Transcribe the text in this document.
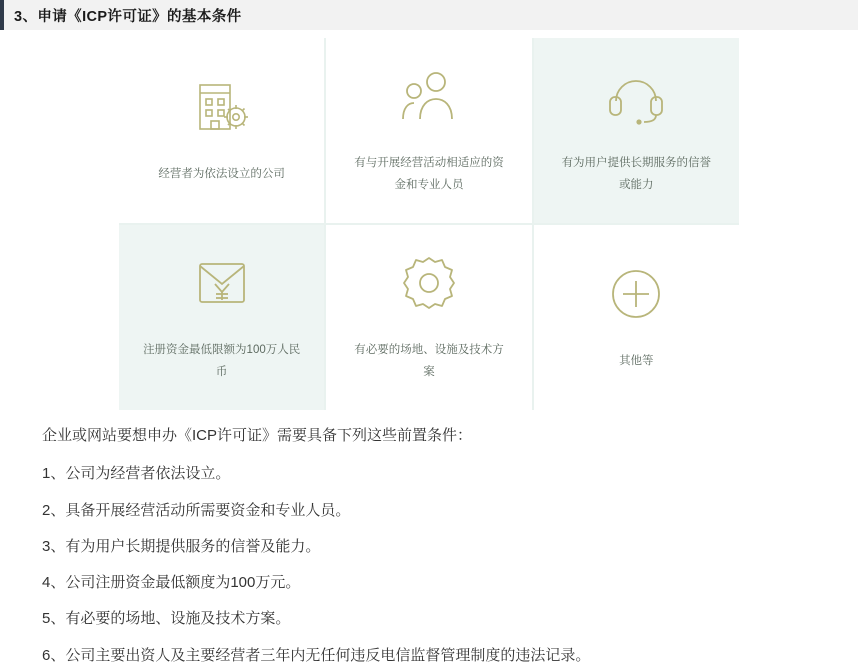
3、申请《ICP许可证》的基本条件
经营者为依法设立的公司
有与开展经营活动相适应的资金和专业人员
有为用户提供长期服务的信誉或能力
注册资金最低限额为100万人民币
有必要的场地、设施及技术方案
其他等

企业或网站要想申办《ICP许可证》需要具备下列这些前置条件：

1、公司为经营者依法设立。

2、具备开展经营活动所需要资金和专业人员。

3、有为用户长期提供服务的信誉及能力。

4、公司注册资金最低额度为100万元。

5、有必要的场地、设施及技术方案。

6、公司主要出资人及主要经营者三年内无任何违反电信监督管理制度的违法记录。
